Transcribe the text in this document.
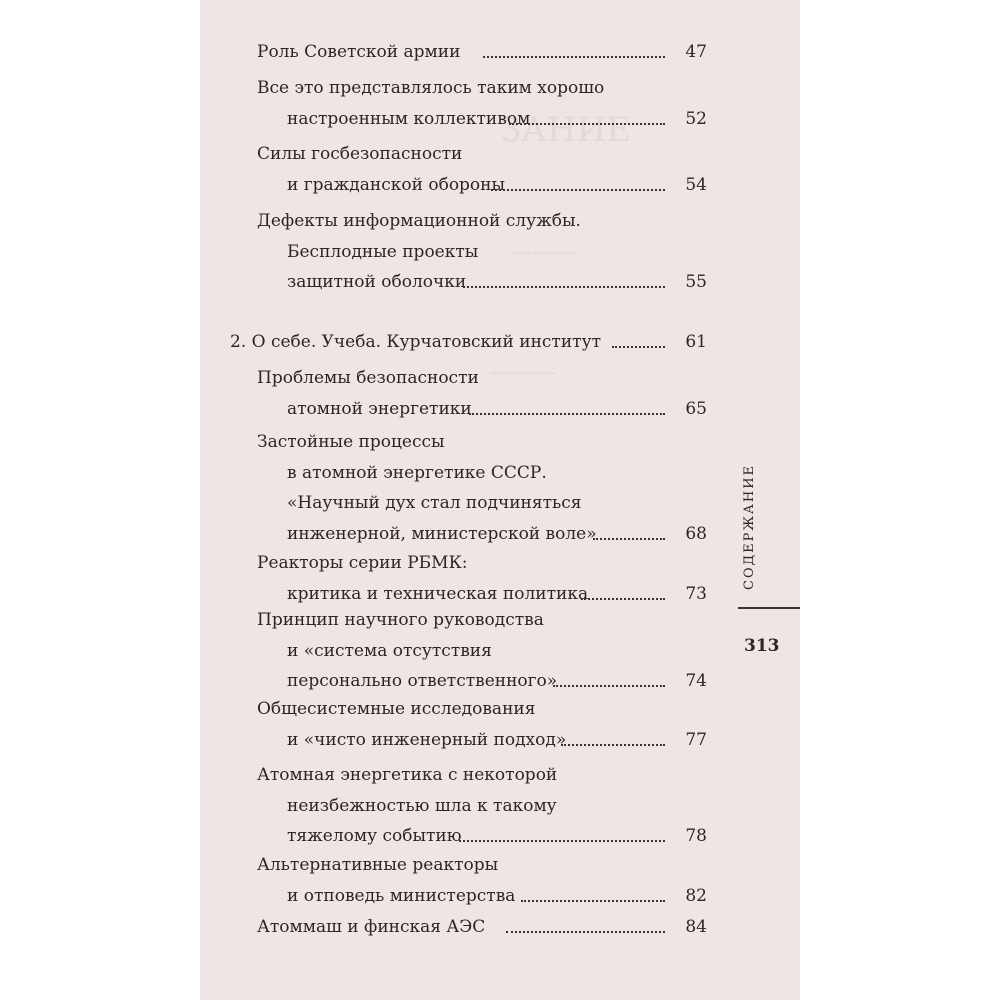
ЗАНИЕ
———
———
Роль Советской армии	47
Все это представлялось таким хорошо
настроенным коллективом	52
Силы госбезопасности
и гражданской обороны	54
Дефекты информационной службы.
Бесплодные проекты
защитной оболочки	55
2. О себе. Учеба. Курчатовский институт	61
Проблемы безопасности
атомной энергетики	65
Застойные процессы
в атомной энергетике СССР.
«Научный дух стал подчиняться
инженерной, министерской воле»	68
Реакторы серии РБМК:
критика и техническая политика	73
Принцип научного руководства
и «система отсутствия
персонально ответственного»	74
Общесистемные исследования
и «чисто инженерный подход»	77
Атомная энергетика с некоторой
неизбежностью шла к такому
тяжелому событию	78
Альтернативные реакторы
и отповедь министерства	82
Атоммаш и финская АЭС	84
СОДЕРЖАНИЕ
313
